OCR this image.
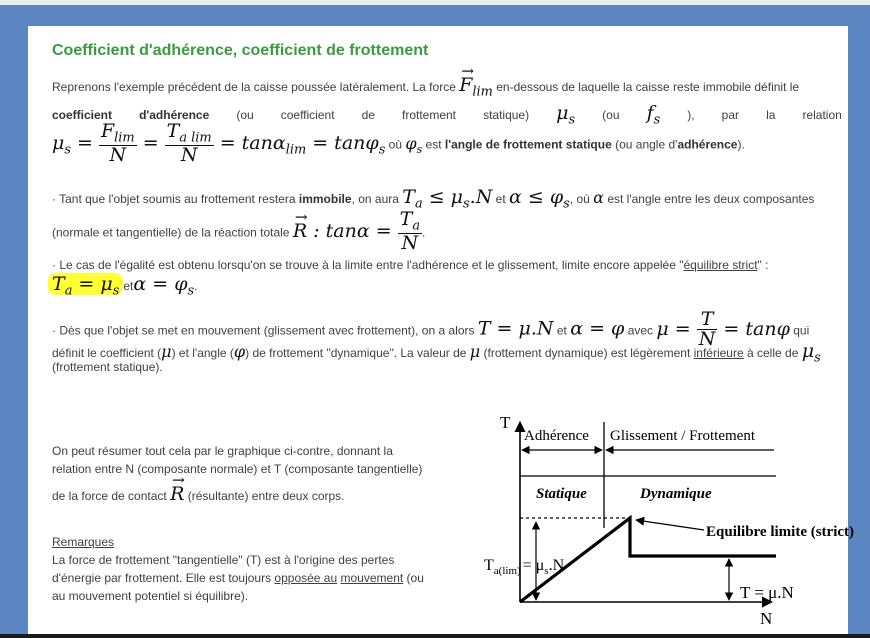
Coefficient d'adhérence, coefficient de frottement
Reprenons l'exemple précédent de la caisse poussée latéralement. La force → $F_{lim}$ en-dessous de laquelle la caisse reste immobile définit le
coefficient d'adhérence (ou coefficient de frottement statique) $\mu_s$ (ou $f_s$ ), par la relation
$\mu_s = \frac{F_{lim}}{N} = \frac{T_{a lim}}{N} = \tan\alpha_{lim} = \tan\varphi_s$ où $\varphi_s$ est l'angle de frottement statique (ou angle d'adhérence).
· Tant que l'objet soumis au frottement restera immobile, on aura $T_a \le \mu_s.N$ et $\alpha \le \varphi_s$, où α est l'angle entre les deux composantes
(normale et tangentielle) de la réaction totale → R : $\tan\alpha = \frac{T_a}{N}$ .
· Le cas de l'égalité est obtenu lorsqu'on se trouve à la limite entre l'adhérence et le glissement, limite encore appelée "équilibre strict" :
$T_a = \mu_s$ $et\alpha = \varphi_s$.
· Dès que l'objet se met en mouvement (glissement avec frottement), on a alors T = μ.N et α = φ avec $\mu = \frac{T}{N} = \tan\varphi$ qui
définit le coefficient (μ) et l'angle (φ) de frottement "dynamique". La valeur de μ (frottement dynamique) est légèrement inférieure à celle de $\mu_s$
(frottement statique).
On peut résumer tout cela par le graphique ci-contre, donnant la
relation entre N (composante normale) et T (composante tangentielle)
de la force de contact → R (résultante) entre deux corps.
Remarques
La force de frottement "tangentielle" (T) est à l'origine des pertes
d'énergie par frottement. Elle est toujours opposée au mouvement (ou
au mouvement potentiel si équilibre).
T
N
Adhérence Glissement / Frottement
Statique	Dynamique
$T_{a(lim)} = \mu_s.N$
T = μ.N
Equilibre limite (strict)
